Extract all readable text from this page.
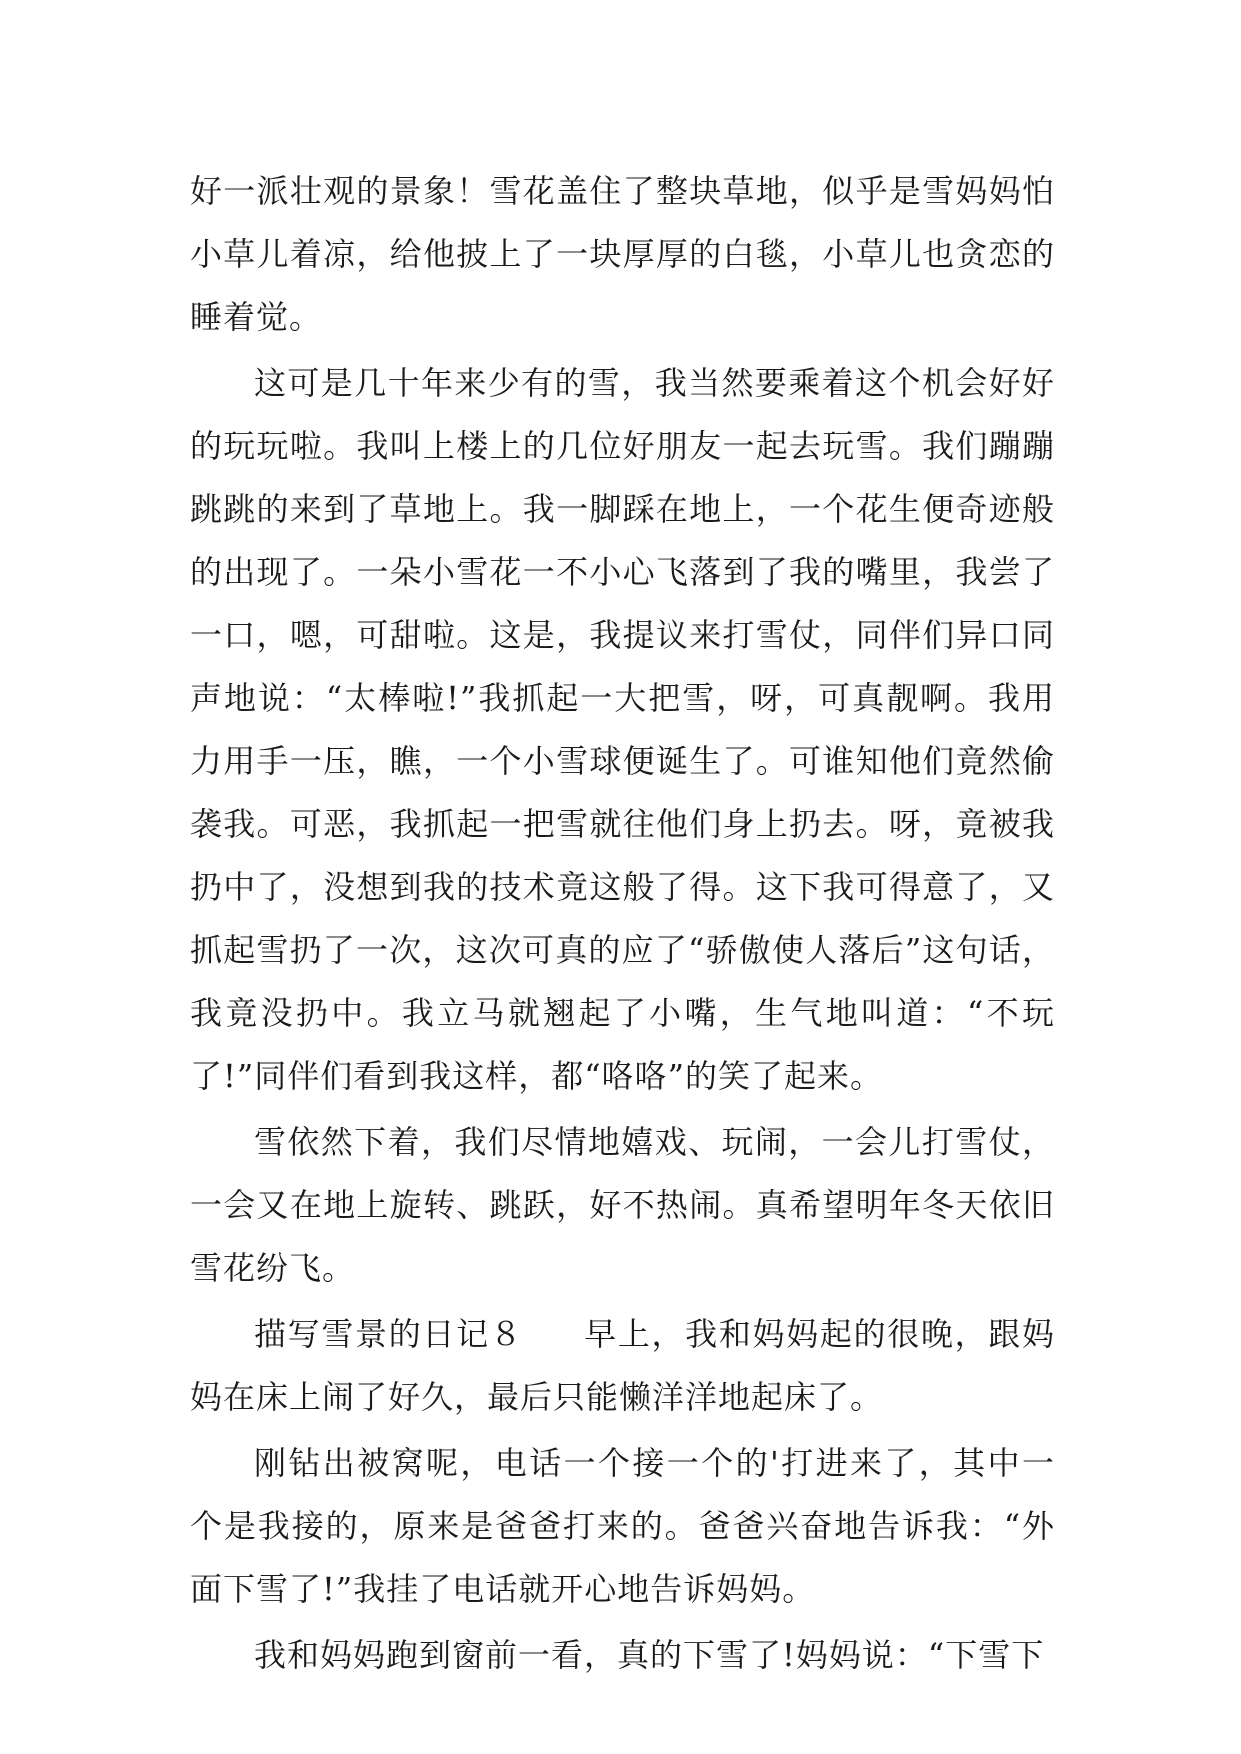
好一派壮观的景象！雪花盖住了整块草地，似乎是雪妈妈怕小草儿着凉，给他披上了一块厚厚的白毯，小草儿也贪恋的睡着觉。

这可是几十年来少有的雪，我当然要乘着这个机会好好的玩玩啦。我叫上楼上的几位好朋友一起去玩雪。我们蹦蹦跳跳的来到了草地上。我一脚踩在地上，一个花生便奇迹般的出现了。一朵小雪花一不小心飞落到了我的嘴里，我尝了一口，嗯，可甜啦。这是，我提议来打雪仗，同伴们异口同声地说：“太棒啦!”我抓起一大把雪，呀，可真靓啊。我用力用手一压，瞧，一个小雪球便诞生了。可谁知他们竟然偷袭我。可恶，我抓起一把雪就往他们身上扔去。呀，竟被我扔中了，没想到我的技术竟这般了得。这下我可得意了，又抓起雪扔了一次，这次可真的应了“骄傲使人落后”这句话，我竟没扔中。我立马就翘起了小嘴，生气地叫道：“不玩了!”同伴们看到我这样，都“咯咯”的笑了起来。

雪依然下着，我们尽情地嬉戏、玩闹，一会儿打雪仗，一会又在地上旋转、跳跃，好不热闹。真希望明年冬天依旧雪花纷飞。

描写雪景的日记８ 早上，我和妈妈起的很晚，跟妈妈在床上闹了好久，最后只能懒洋洋地起床了。

刚钻出被窝呢，电话一个接一个的'打进来了，其中一个是我接的，原来是爸爸打来的。爸爸兴奋地告诉我：“外面下雪了!”我挂了电话就开心地告诉妈妈。

我和妈妈跑到窗前一看，真的下雪了!妈妈说：“下雪下
